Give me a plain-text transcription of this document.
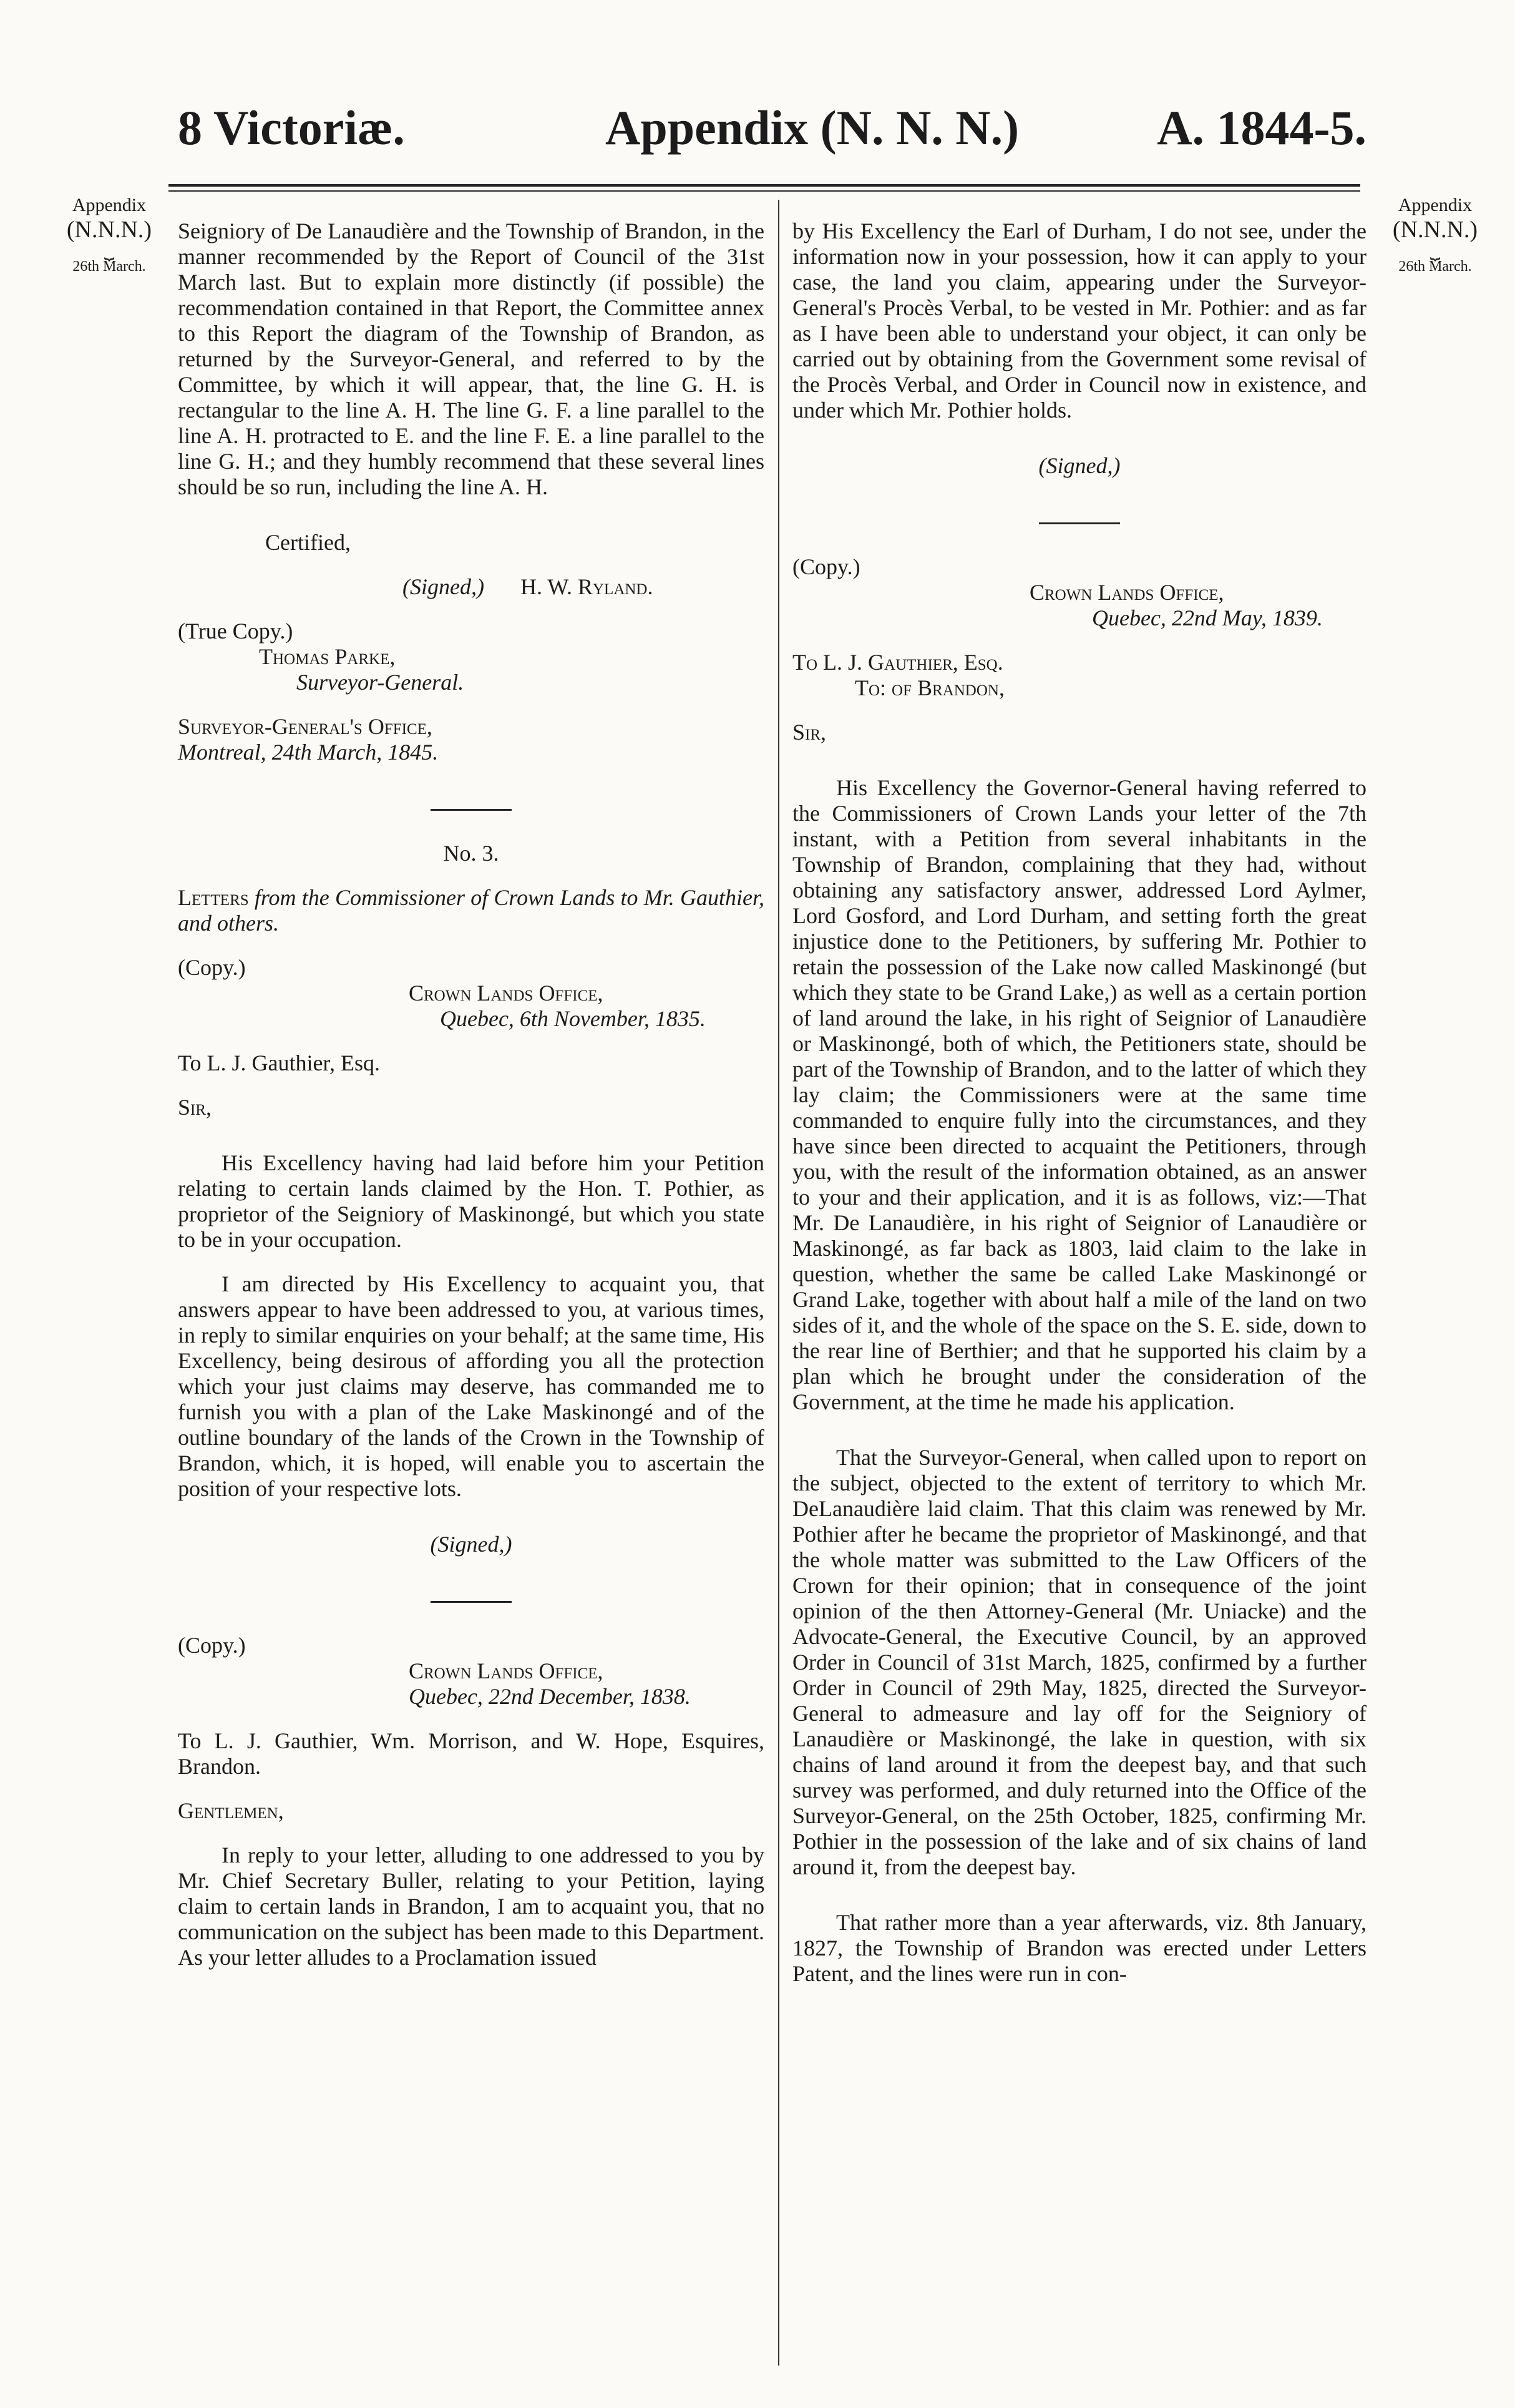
8 Victoriæ.	Appendix (N. N. N.)	A. 1844-5.
Appendix
(N.N.N.)
⏟
26th March.
Appendix
(N.N.N.)
⏟
26th March.

Seigniory of De Lanaudière and the Township of Brandon, in the manner recommended by the Report of Council of the 31st March last. But to explain more distinctly (if possible) the recommendation contained in that Report, the Committee annex to this Report the diagram of the Township of Brandon, as returned by the Surveyor-General, and referred to by the Committee, by which it will appear, that, the line G. H. is rectangular to the line A. H. The line G. F. a line parallel to the line A. H. protracted to E. and the line F. E. a line parallel to the line G. H.; and they humbly recommend that these several lines should be so run, including the line A. H.

Certified,

(Signed,) H. W. Ryland.

(True Copy.)

Thomas Parke,

Surveyor-General.

Surveyor-General's Office,

Montreal, 24th March, 1845.

No. 3.

Letters from the Commissioner of Crown Lands to Mr. Gauthier, and others.

(Copy.)

Crown Lands Office,

Quebec, 6th November, 1835.

To L. J. Gauthier, Esq.

Sir,

His Excellency having had laid before him your Petition relating to certain lands claimed by the Hon. T. Pothier, as proprietor of the Seigniory of Maskinongé, but which you state to be in your occupation.

I am directed by His Excellency to acquaint you, that answers appear to have been addressed to you, at various times, in reply to similar enquiries on your behalf; at the same time, His Excellency, being desirous of affording you all the protection which your just claims may deserve, has commanded me to furnish you with a plan of the Lake Maskinongé and of the outline boundary of the lands of the Crown in the Township of Brandon, which, it is hoped, will enable you to ascertain the position of your respective lots.

(Signed,)

(Copy.)

Crown Lands Office,

Quebec, 22nd December, 1838.

To L. J. Gauthier, Wm. Morrison, and W. Hope, Esquires, Brandon.

Gentlemen,

In reply to your letter, alluding to one addressed to you by Mr. Chief Secretary Buller, relating to your Petition, laying claim to certain lands in Brandon, I am to acquaint you, that no communication on the subject has been made to this Department. As your letter alludes to a Proclamation issued

by His Excellency the Earl of Durham, I do not see, under the information now in your possession, how it can apply to your case, the land you claim, appearing under the Surveyor-General's Procès Verbal, to be vested in Mr. Pothier: and as far as I have been able to understand your object, it can only be carried out by obtaining from the Government some revisal of the Procès Verbal, and Order in Council now in existence, and under which Mr. Pothier holds.

(Signed,)

(Copy.)

Crown Lands Office,

Quebec, 22nd May, 1839.

To L. J. Gauthier, Esq.

To: of Brandon,

Sir,

His Excellency the Governor-General having referred to the Commissioners of Crown Lands your letter of the 7th instant, with a Petition from several inhabitants in the Township of Brandon, complaining that they had, without obtaining any satisfactory answer, addressed Lord Aylmer, Lord Gosford, and Lord Durham, and setting forth the great injustice done to the Petitioners, by suffering Mr. Pothier to retain the possession of the Lake now called Maskinongé (but which they state to be Grand Lake,) as well as a certain portion of land around the lake, in his right of Seignior of Lanaudière or Maskinongé, both of which, the Petitioners state, should be part of the Township of Brandon, and to the latter of which they lay claim; the Commissioners were at the same time commanded to enquire fully into the circumstances, and they have since been directed to acquaint the Petitioners, through you, with the result of the information obtained, as an answer to your and their application, and it is as follows, viz:—That Mr. De Lanaudière, in his right of Seignior of Lanaudière or Maskinongé, as far back as 1803, laid claim to the lake in question, whether the same be called Lake Maskinongé or Grand Lake, together with about half a mile of the land on two sides of it, and the whole of the space on the S. E. side, down to the rear line of Berthier; and that he supported his claim by a plan which he brought under the consideration of the Government, at the time he made his application.

That the Surveyor-General, when called upon to report on the subject, objected to the extent of territory to which Mr. DeLanaudière laid claim. That this claim was renewed by Mr. Pothier after he became the proprietor of Maskinongé, and that the whole matter was submitted to the Law Officers of the Crown for their opinion; that in consequence of the joint opinion of the then Attorney-General (Mr. Uniacke) and the Advocate-General, the Executive Council, by an approved Order in Council of 31st March, 1825, confirmed by a further Order in Council of 29th May, 1825, directed the Surveyor-General to admeasure and lay off for the Seigniory of Lanaudière or Maskinongé, the lake in question, with six chains of land around it from the deepest bay, and that such survey was performed, and duly returned into the Office of the Surveyor-General, on the 25th October, 1825, confirming Mr. Pothier in the possession of the lake and of six chains of land around it, from the deepest bay.

That rather more than a year afterwards, viz. 8th January, 1827, the Township of Brandon was erected under Letters Patent, and the lines were run in con-
